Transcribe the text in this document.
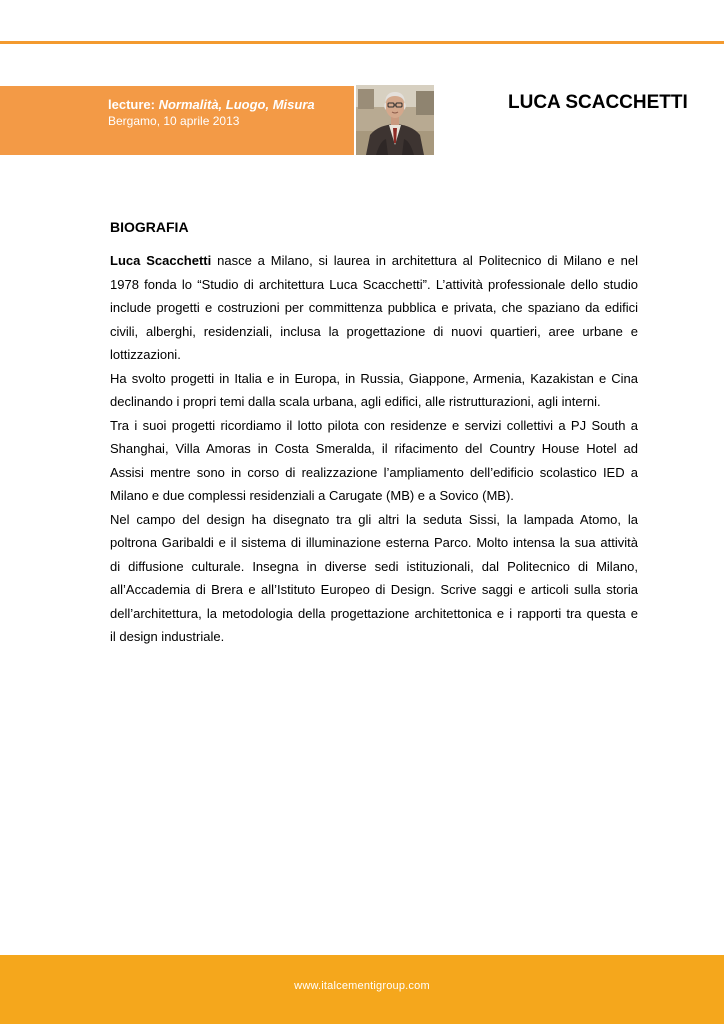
lecture: Normalità, Luogo, Misura
Bergamo, 10 aprile 2013
LUCA SCACCHETTI
BIOGRAFIA

Luca Scacchetti nasce a Milano, si laurea in architettura al Politecnico di Milano e nel

1978 fonda lo “Studio di architettura Luca Scacchetti”. L’attività professionale dello studio

include progetti e costruzioni per committenza pubblica e privata, che spaziano da edifici

civili, alberghi, residenziali, inclusa la progettazione di nuovi quartieri, aree urbane e

lottizzazioni.

Ha svolto progetti in Italia e in Europa, in Russia, Giappone, Armenia, Kazakistan e Cina

declinando i propri temi dalla scala urbana, agli edifici, alle ristrutturazioni, agli interni.

Tra i suoi progetti ricordiamo il lotto pilota con residenze e servizi collettivi a PJ South a

Shanghai, Villa Amoras in Costa Smeralda, il rifacimento del Country House Hotel ad

Assisi mentre sono in corso di realizzazione l’ampliamento dell’edificio scolastico IED a

Milano e due complessi residenziali a Carugate (MB) e a Sovico (MB).

Nel campo del design ha disegnato tra gli altri la seduta Sissi, la lampada Atomo, la

poltrona Garibaldi e il sistema di illuminazione esterna Parco. Molto intensa la sua attività

di diffusione culturale. Insegna in diverse sedi istituzionali, dal Politecnico di Milano,

all’Accademia di Brera e all’Istituto Europeo di Design. Scrive saggi e articoli sulla storia

dell’architettura, la metodologia della progettazione architettonica e i rapporti tra questa e

il design industriale.

www.italcementigroup.com
